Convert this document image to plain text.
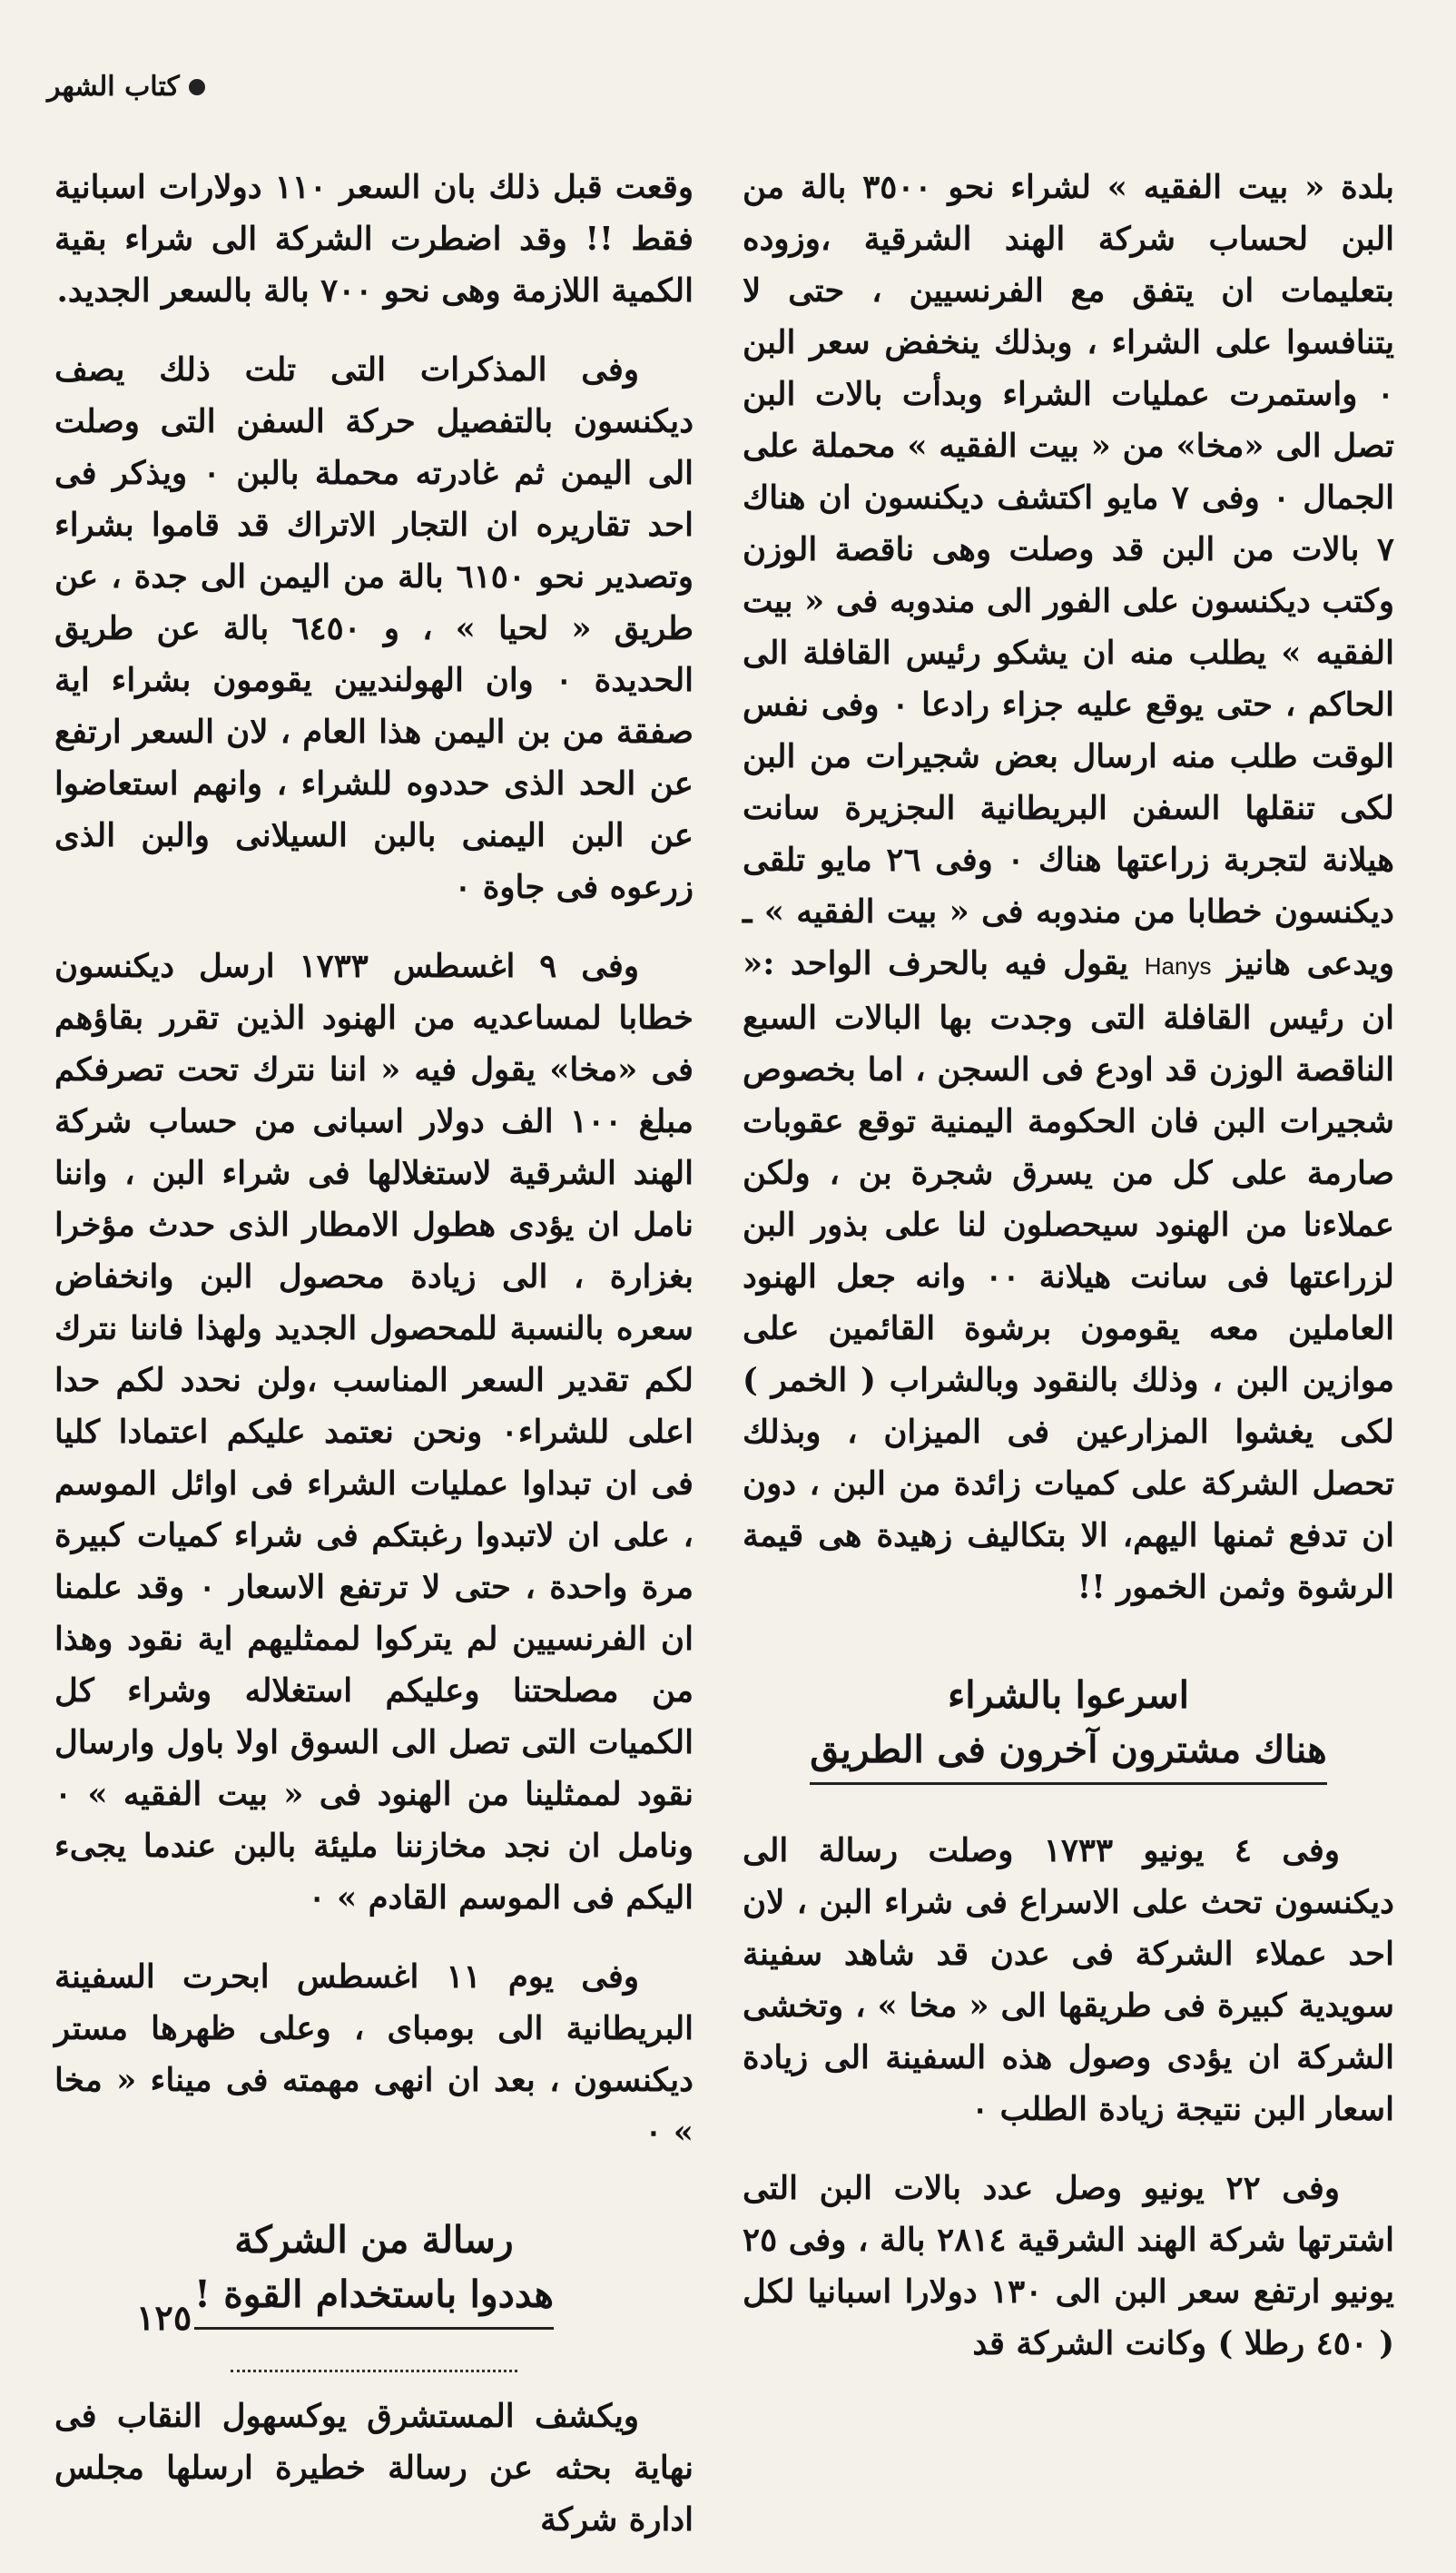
كتاب الشهر

بلدة « بيت الفقيه » لشراء نحو ٣٥٠٠ بالة من البن لحساب شركة الهند الشرقية ،وزوده بتعليمات ان يتفق مع الفرنسيين ، حتى لا يتنافسوا على الشراء ، وبذلك ينخفض سعر البن ٠ واستمرت عمليات الشراء وبدأت بالات البن تصل الى «مخا» من « بيت الفقيه » محملة على الجمال ٠ وفى ٧ مايو اكتشف ديكنسون ان هناك ٧ بالات من البن قد وصلت وهى ناقصة الوزن وكتب ديكنسون على الفور الى مندوبه فى « بيت الفقيه » يطلب منه ان يشكو رئيس القافلة الى الحاكم ، حتى يوقع عليه جزاء رادعا ٠ وفى نفس الوقت طلب منه ارسال بعض شجيرات من البن لكى تنقلها السفن البريطانية الىجزيرة سانت هيلانة لتجربة زراعتها هناك ٠ وفى ٢٦ مايو تلقى ديكنسون خطابا من مندوبه فى « بيت الفقيه » ـ ويدعى هانيز Hanys يقول فيه بالحرف الواحد :« ان رئيس القافلة التى وجدت بها البالات السبع الناقصة الوزن قد اودع فى السجن ، اما بخصوص شجيرات البن فان الحكومة اليمنية توقع عقوبات صارمة على كل من يسرق شجرة بن ، ولكن عملاءنا من الهنود سيحصلون لنا على بذور البن لزراعتها فى سانت هيلانة ٠٠ وانه جعل الهنود العاملين معه يقومون برشوة القائمين على موازين البن ، وذلك بالنقود وبالشراب ( الخمر ) لكى يغشوا المزارعين فى الميزان ، وبذلك تحصل الشركة على كميات زائدة من البن ، دون ان تدفع ثمنها اليهم، الا بتكاليف زهيدة هى قيمة الرشوة وثمن الخمور !!

اسرعوا بالشراء
هناك مشترون آخرون فى الطريق

وفى ٤ يونيو ١٧٣٣ وصلت رسالة الى ديكنسون تحث على الاسراع فى شراء البن ، لان احد عملاء الشركة فى عدن قد شاهد سفينة سويدية كبيرة فى طريقها الى « مخا » ، وتخشى الشركة ان يؤدى وصول هذه السفينة الى زيادة اسعار البن نتيجة زيادة الطلب ٠

وفى ٢٢ يونيو وصل عدد بالات البن التى اشترتها شركة الهند الشرقية ٢٨١٤ بالة ، وفى ٢٥ يونيو ارتفع سعر البن الى ١٣٠ دولارا اسبانيا لكل ( ٤٥٠ رطلا ) وكانت الشركة قد

وقعت قبل ذلك بان السعر ١١٠ دولارات اسبانية فقط !! وقد اضطرت الشركة الى شراء بقية الكمية اللازمة وهى نحو ٧٠٠ بالة بالسعر الجديد.

وفى المذكرات التى تلت ذلك يصف ديكنسون بالتفصيل حركة السفن التى وصلت الى اليمن ثم غادرته محملة بالبن ٠ ويذكر فى احد تقاريره ان التجار الاتراك قد قاموا بشراء وتصدير نحو ٦١٥٠ بالة من اليمن الى جدة ، عن طريق « لحيا » ، و ٦٤٥٠ بالة عن طريق الحديدة ٠ وان الهولنديين يقومون بشراء اية صفقة من بن اليمن هذا العام ، لان السعر ارتفع عن الحد الذى حددوه للشراء ، وانهم استعاضوا عن البن اليمنى بالبن السيلانى والبن الذى زرعوه فى جاوة ٠

وفى ٩ اغسطس ١٧٣٣ ارسل ديكنسون خطابا لمساعديه من الهنود الذين تقرر بقاؤهم فى «مخا» يقول فيه « اننا نترك تحت تصرفكم مبلغ ١٠٠ الف دولار اسبانى من حساب شركة الهند الشرقية لاستغلالها فى شراء البن ، واننا نامل ان يؤدى هطول الامطار الذى حدث مؤخرا بغزارة ، الى زيادة محصول البن وانخفاض سعره بالنسبة للمحصول الجديد ولهذا فاننا نترك لكم تقدير السعر المناسب ،ولن نحدد لكم حدا اعلى للشراء٠ ونحن نعتمد عليكم اعتمادا كليا فى ان تبداوا عمليات الشراء فى اوائل الموسم ، على ان لاتبدوا رغبتكم فى شراء كميات كبيرة مرة واحدة ، حتى لا ترتفع الاسعار ٠ وقد علمنا ان الفرنسيين لم يتركوا لممثليهم اية نقود وهذا من مصلحتنا وعليكم استغلاله وشراء كل الكميات التى تصل الى السوق اولا باول وارسال نقود لممثلينا من الهنود فى « بيت الفقيه » ٠ ونامل ان نجد مخازننا مليئة بالبن عندما يجىء اليكم فى الموسم القادم » ٠

وفى يوم ١١ اغسطس ابحرت السفينة البريطانية الى بومباى ، وعلى ظهرها مستر ديكنسون ، بعد ان انهى مهمته فى ميناء « مخا » ٠

رسالة من الشركة
هددوا باستخدام القوة !

ويكشف المستشرق يوكسهول النقاب فى نهاية بحثه عن رسالة خطيرة ارسلها مجلس ادارة شركة

١٢٥
